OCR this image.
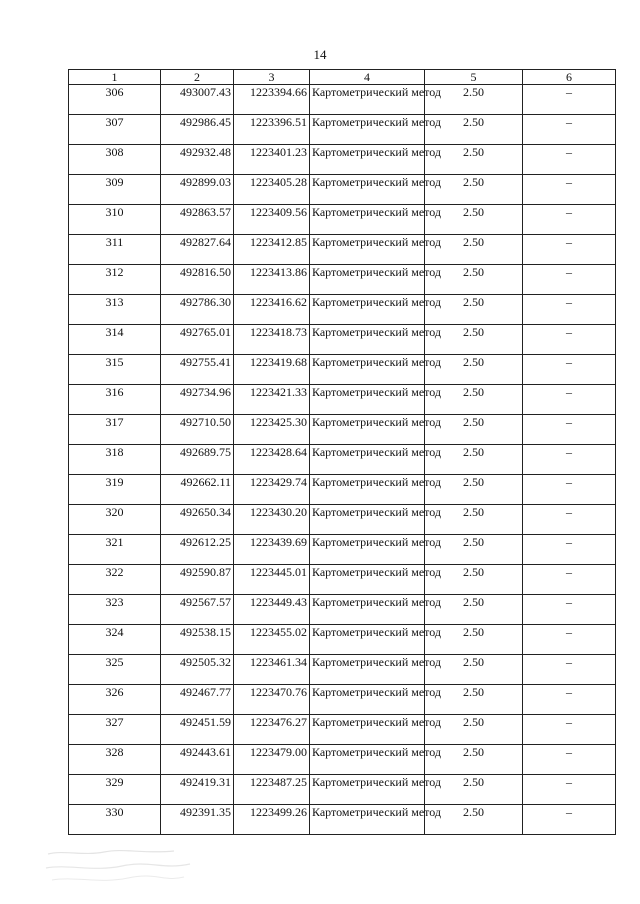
14
1	2	3	4	5	6
306	493007.43	1223394.66	Картометрический метод	2.50	–
307	492986.45	1223396.51	Картометрический метод	2.50	–
308	492932.48	1223401.23	Картометрический метод	2.50	–
309	492899.03	1223405.28	Картометрический метод	2.50	–
310	492863.57	1223409.56	Картометрический метод	2.50	–
311	492827.64	1223412.85	Картометрический метод	2.50	–
312	492816.50	1223413.86	Картометрический метод	2.50	–
313	492786.30	1223416.62	Картометрический метод	2.50	–
314	492765.01	1223418.73	Картометрический метод	2.50	–
315	492755.41	1223419.68	Картометрический метод	2.50	–
316	492734.96	1223421.33	Картометрический метод	2.50	–
317	492710.50	1223425.30	Картометрический метод	2.50	–
318	492689.75	1223428.64	Картометрический метод	2.50	–
319	492662.11	1223429.74	Картометрический метод	2.50	–
320	492650.34	1223430.20	Картометрический метод	2.50	–
321	492612.25	1223439.69	Картометрический метод	2.50	–
322	492590.87	1223445.01	Картометрический метод	2.50	–
323	492567.57	1223449.43	Картометрический метод	2.50	–
324	492538.15	1223455.02	Картометрический метод	2.50	–
325	492505.32	1223461.34	Картометрический метод	2.50	–
326	492467.77	1223470.76	Картометрический метод	2.50	–
327	492451.59	1223476.27	Картометрический метод	2.50	–
328	492443.61	1223479.00	Картометрический метод	2.50	–
329	492419.31	1223487.25	Картометрический метод	2.50	–
330	492391.35	1223499.26	Картометрический метод	2.50	–
